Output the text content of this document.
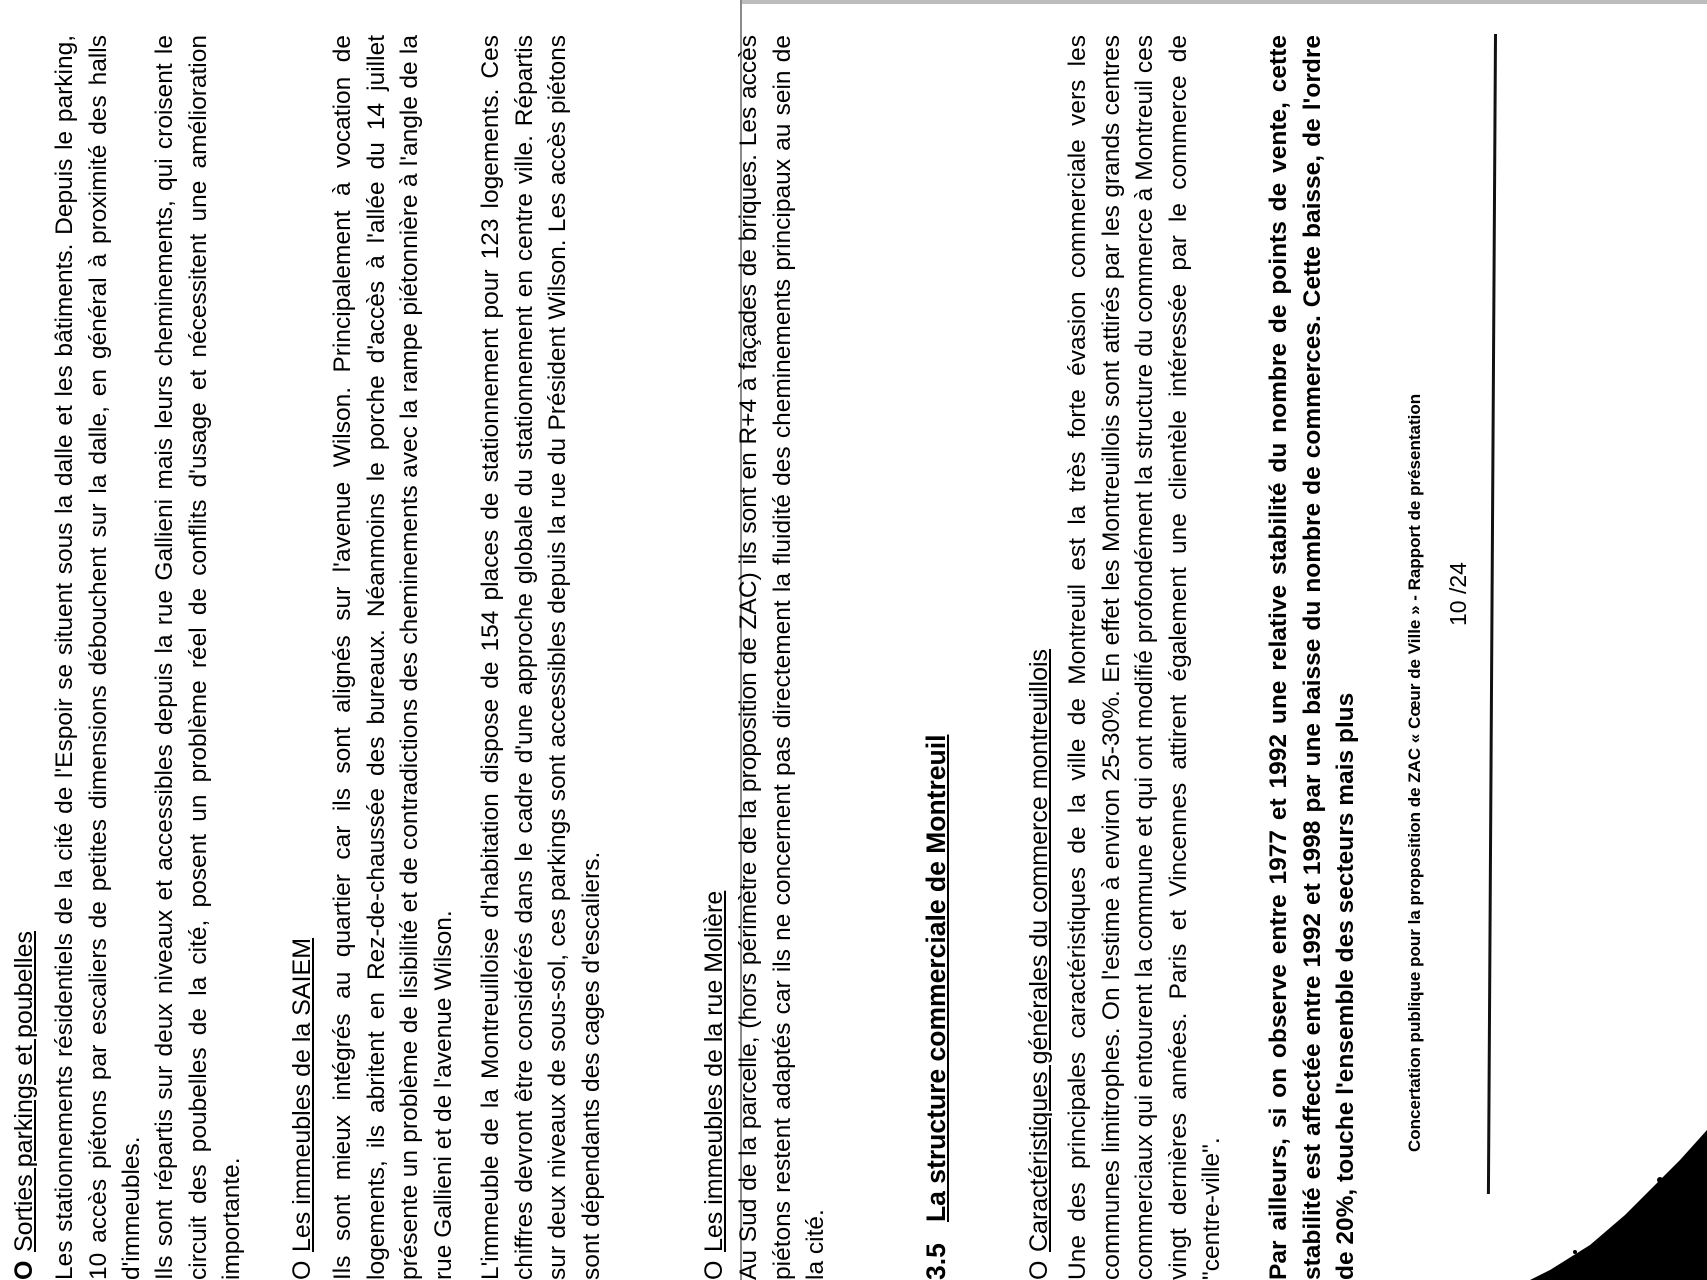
OSorties parkings et poubelles Les stationnements résidentiels de la cité de l'Espoir se situent sous la dalle et les bâtiments. Depuis le parking, 10 accès piétons par escaliers de petites dimensions débouchent sur la dalle, en général à proximité des halls d'immeubles. Ils sont répartis sur deux niveaux et accessibles depuis la rue Gallieni mais leurs cheminements, qui croisent le circuit des poubelles de la cité, posent un problème réel de conflits d'usage et nécessitent une amélioration importante. OLes immeubles de la SAIEM Ils sont mieux intégrés au quartier car ils sont alignés sur l'avenue Wilson. Principalement à vocation de logements, ils abritent en Rez-de-chaussée des bureaux. Néanmoins le porche d'accès à l'allée du 14 juillet présente un problème de lisibilité et de contradictions des cheminements avec la rampe piétonnière à l'angle de la rue Gallieni et de l'avenue Wilson. L'immeuble de la Montreuilloise d'habitation dispose de 154 places de stationnement pour 123 logements. Ces chiffres devront être considérés dans le cadre d'une approche globale du stationnement en centre ville. Répartis sur deux niveaux de sous-sol, ces parkings sont accessibles depuis la rue du Président Wilson. Les accès piétons sont dépendants des cages d'escaliers.	OLes immeubles de la rue Molière Au Sud de la parcelle, (hors périmètre de la proposition de ZAC) ils sont en R+4 à façades de briques. Les accès piétons restent adaptés car ils ne concernent pas directement la fluidité des cheminements principaux au sein de la cité.	3.5La structure commerciale de Montreuil
OCaractéristiques générales du commerce montreuillois Une des principales caractéristiques de la ville de Montreuil est la très forte évasion commerciale vers les communes limitrophes. On l'estime à environ 25-30%. En effet les Montreuillois sont attirés par les grands centres commerciaux qui entourent la commune et qui ont modifié profondément la structure du commerce à Montreuil ces vingt dernières années. Paris et Vincennes attirent également une clientèle intéressée par le commerce de "centre-ville". Par ailleurs, si on observe entre 1977 et 1992 une relative stabilité du nombre de points de vente, cette stabilité est affectée entre 1992 et 1998 par une baisse du nombre de commerces. Cette baisse, de l'ordre de 20%, touche l'ensemble des secteurs mais plus
10 /24
Concertation publique pour la proposition de ZAC « Cœur de Ville » - Rapport de présentation
